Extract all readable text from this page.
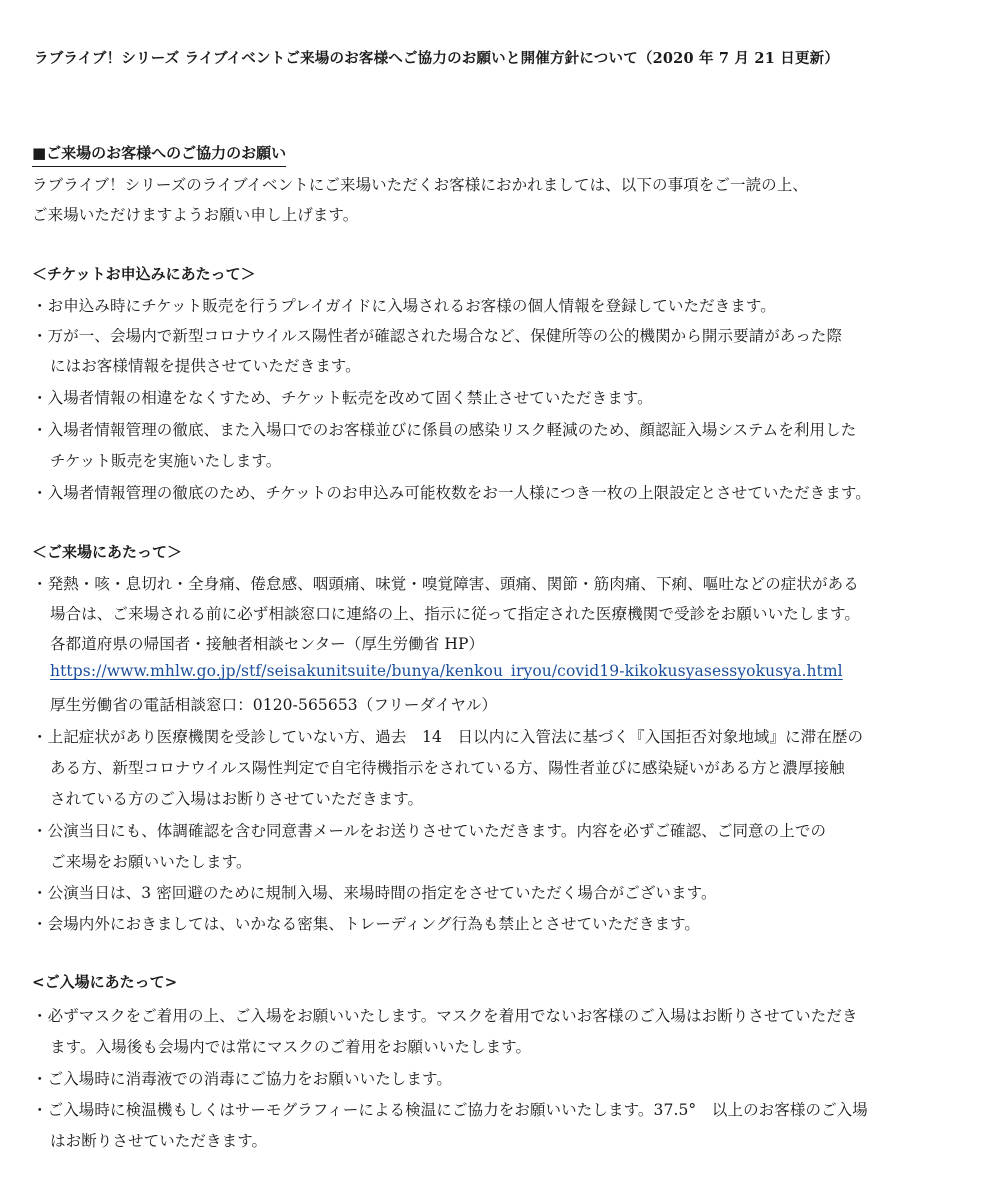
ラブライブ！シリーズ ライブイベントご来場のお客様へご協力のお願いと開催方針について（2020 年 7 月 21 日更新）
■ご来場のお客様へのご協力のお願い
ラブライブ！シリーズのライブイベントにご来場いただくお客様におかれましては、以下の事項をご一読の上、
ご来場いただけますようお願い申し上げます。
＜チケットお申込みにあたって＞
・お申込み時にチケット販売を行うプレイガイドに入場されるお客様の個人情報を登録していただきます。
・万が一、会場内で新型コロナウイルス陽性者が確認された場合など、保健所等の公的機関から開示要請があった際
にはお客様情報を提供させていただきます。
・入場者情報の相違をなくすため、チケット転売を改めて固く禁止させていただきます。
・入場者情報管理の徹底、また入場口でのお客様並びに係員の感染リスク軽減のため、顔認証入場システムを利用した
チケット販売を実施いたします。
・入場者情報管理の徹底のため、チケットのお申込み可能枚数をお一人様につき一枚の上限設定とさせていただきます。
＜ご来場にあたって＞
・発熱・咳・息切れ・全身痛、倦怠感、咽頭痛、味覚・嗅覚障害、頭痛、関節・筋肉痛、下痢、嘔吐などの症状がある
場合は、ご来場される前に必ず相談窓口に連絡の上、指示に従って指定された医療機関で受診をお願いいたします。
各都道府県の帰国者・接触者相談センター（厚生労働省 HP）
https://www.mhlw.go.jp/stf/seisakunitsuite/bunya/kenkou_iryou/covid19-kikokusyasessyokusya.html
厚生労働省の電話相談窓口：0120-565653（フリーダイヤル）
・上記症状があり医療機関を受診していない方、過去　14　日以内に入管法に基づく『入国拒否対象地域』に滞在歴の
ある方、新型コロナウイルス陽性判定で自宅待機指示をされている方、陽性者並びに感染疑いがある方と濃厚接触
されている方のご入場はお断りさせていただきます。
・公演当日にも、体調確認を含む同意書メールをお送りさせていただきます。内容を必ずご確認、ご同意の上での
ご来場をお願いいたします。
・公演当日は、3 密回避のために規制入場、来場時間の指定をさせていただく場合がございます。
・会場内外におきましては、いかなる密集、トレーディング行為も禁止とさせていただきます。
<ご入場にあたって>
・必ずマスクをご着用の上、ご入場をお願いいたします。マスクを着用でないお客様のご入場はお断りさせていただき
ます。入場後も会場内では常にマスクのご着用をお願いいたします。
・ご入場時に消毒液での消毒にご協力をお願いいたします。
・ご入場時に検温機もしくはサーモグラフィーによる検温にご協力をお願いいたします。37.5°　以上のお客様のご入場
はお断りさせていただきます。
